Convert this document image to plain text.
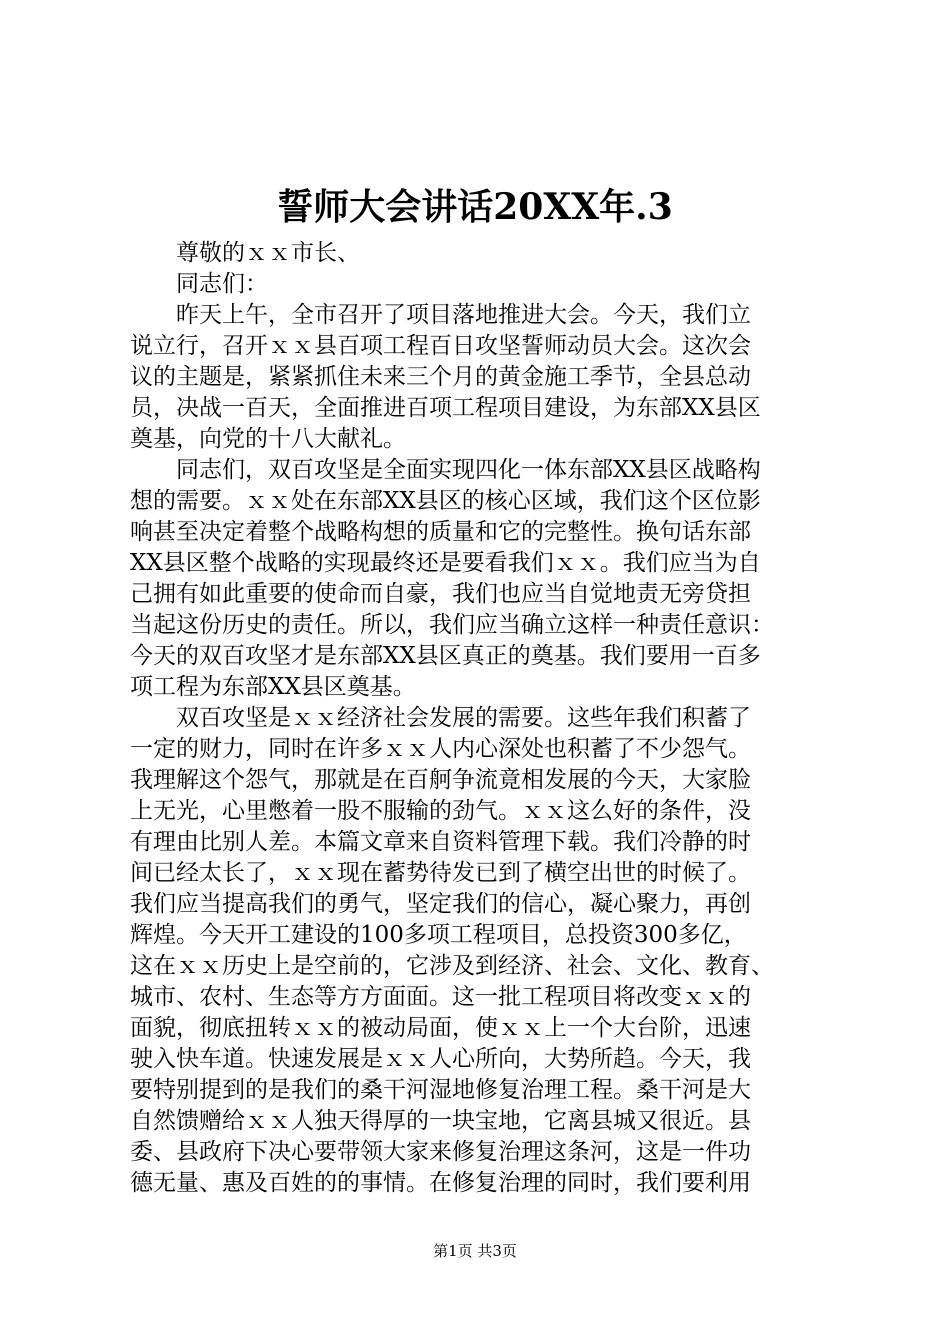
誓师大会讲话20XX年.3
尊敬的ｘｘ市长、
同志们：
昨天上午，全市召开了项目落地推进大会。今天，我们立
说立行，召开ｘｘ县百项工程百日攻坚誓师动员大会。这次会
议的主题是，紧紧抓住未来三个月的黄金施工季节，全县总动
员，决战一百天，全面推进百项工程项目建设，为东部XX县区
奠基，向党的十八大献礼。
同志们，双百攻坚是全面实现四化一体东部XX县区战略构
想的需要。ｘｘ处在东部XX县区的核心区域，我们这个区位影
响甚至决定着整个战略构想的质量和它的完整性。换句话东部
XX县区整个战略的实现最终还是要看我们ｘｘ。我们应当为自
己拥有如此重要的使命而自豪，我们也应当自觉地责无旁贷担
当起这份历史的责任。所以，我们应当确立这样一种责任意识：
今天的双百攻坚才是东部XX县区真正的奠基。我们要用一百多
项工程为东部XX县区奠基。
双百攻坚是ｘｘ经济社会发展的需要。这些年我们积蓄了
一定的财力，同时在许多ｘｘ人内心深处也积蓄了不少怨气。
我理解这个怨气，那就是在百舸争流竟相发展的今天，大家脸
上无光，心里憋着一股不服输的劲气。ｘｘ这么好的条件，没
有理由比别人差。本篇文章来自资料管理下载。我们冷静的时
间已经太长了，ｘｘ现在蓄势待发已到了横空出世的时候了。
我们应当提高我们的勇气，坚定我们的信心，凝心聚力，再创
辉煌。今天开工建设的100多项工程项目，总投资300多亿，
这在ｘｘ历史上是空前的，它涉及到经济、社会、文化、教育、
城市、农村、生态等方方面面。这一批工程项目将改变ｘｘ的
面貌，彻底扭转ｘｘ的被动局面，使ｘｘ上一个大台阶，迅速
驶入快车道。快速发展是ｘｘ人心所向，大势所趋。今天，我
要特别提到的是我们的桑干河湿地修复治理工程。桑干河是大
自然馈赠给ｘｘ人独天得厚的一块宝地，它离县城又很近。县
委、县政府下决心要带领大家来修复治理这条河，这是一件功
德无量、惠及百姓的的事情。在修复治理的同时，我们要利用
第1页 共3页
